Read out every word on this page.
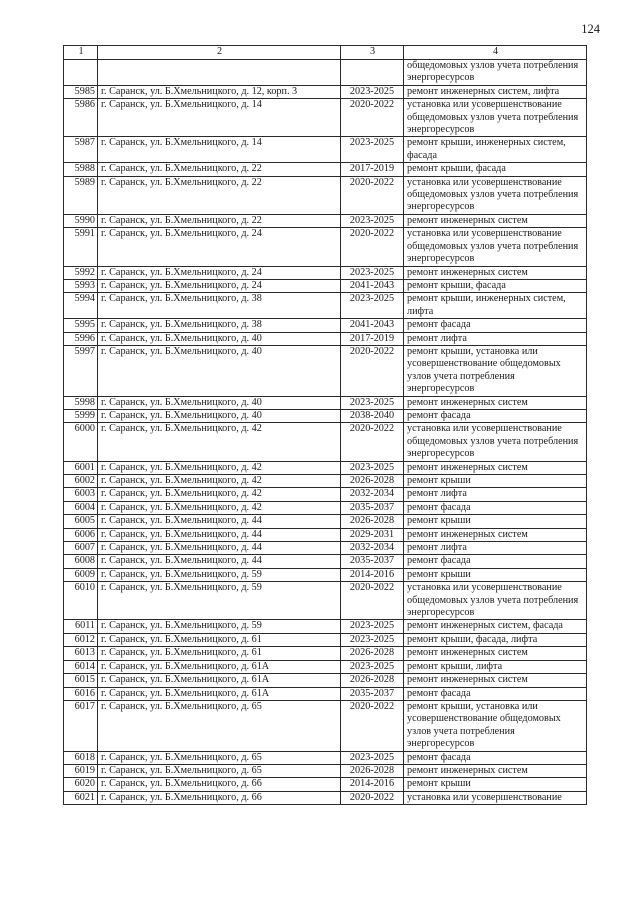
124
1	2	3	4
			общедомовых узлов учета потребления энергоресурсов
5985	г. Саранск, ул. Б.Хмельницкого, д. 12, корп. 3	2023-2025	ремонт инженерных систем, лифта
5986	г. Саранск, ул. Б.Хмельницкого, д. 14	2020-2022	установка или усовершенствование общедомовых узлов учета потребления энергоресурсов
5987	г. Саранск, ул. Б.Хмельницкого, д. 14	2023-2025	ремонт крыши, инженерных систем, фасада
5988	г. Саранск, ул. Б.Хмельницкого, д. 22	2017-2019	ремонт крыши, фасада
5989	г. Саранск, ул. Б.Хмельницкого, д. 22	2020-2022	установка или усовершенствование общедомовых узлов учета потребления энергоресурсов
5990	г. Саранск, ул. Б.Хмельницкого, д. 22	2023-2025	ремонт инженерных систем
5991	г. Саранск, ул. Б.Хмельницкого, д. 24	2020-2022	установка или усовершенствование общедомовых узлов учета потребления энергоресурсов
5992	г. Саранск, ул. Б.Хмельницкого, д. 24	2023-2025	ремонт инженерных систем
5993	г. Саранск, ул. Б.Хмельницкого, д. 24	2041-2043	ремонт крыши, фасада
5994	г. Саранск, ул. Б.Хмельницкого, д. 38	2023-2025	ремонт крыши, инженерных систем, лифта
5995	г. Саранск, ул. Б.Хмельницкого, д. 38	2041-2043	ремонт фасада
5996	г. Саранск, ул. Б.Хмельницкого, д. 40	2017-2019	ремонт лифта
5997	г. Саранск, ул. Б.Хмельницкого, д. 40	2020-2022	ремонт крыши, установка или усовершенствование общедомовых узлов учета потребления энергоресурсов
5998	г. Саранск, ул. Б.Хмельницкого, д. 40	2023-2025	ремонт инженерных систем
5999	г. Саранск, ул. Б.Хмельницкого, д. 40	2038-2040	ремонт фасада
6000	г. Саранск, ул. Б.Хмельницкого, д. 42	2020-2022	установка или усовершенствование общедомовых узлов учета потребления энергоресурсов
6001	г. Саранск, ул. Б.Хмельницкого, д. 42	2023-2025	ремонт инженерных систем
6002	г. Саранск, ул. Б.Хмельницкого, д. 42	2026-2028	ремонт крыши
6003	г. Саранск, ул. Б.Хмельницкого, д. 42	2032-2034	ремонт лифта
6004	г. Саранск, ул. Б.Хмельницкого, д. 42	2035-2037	ремонт фасада
6005	г. Саранск, ул. Б.Хмельницкого, д. 44	2026-2028	ремонт крыши
6006	г. Саранск, ул. Б.Хмельницкого, д. 44	2029-2031	ремонт инженерных систем
6007	г. Саранск, ул. Б.Хмельницкого, д. 44	2032-2034	ремонт лифта
6008	г. Саранск, ул. Б.Хмельницкого, д. 44	2035-2037	ремонт фасада
6009	г. Саранск, ул. Б.Хмельницкого, д. 59	2014-2016	ремонт крыши
6010	г. Саранск, ул. Б.Хмельницкого, д. 59	2020-2022	установка или усовершенствование общедомовых узлов учета потребления энергоресурсов
6011	г. Саранск, ул. Б.Хмельницкого, д. 59	2023-2025	ремонт инженерных систем, фасада
6012	г. Саранск, ул. Б.Хмельницкого, д. 61	2023-2025	ремонт крыши, фасада, лифта
6013	г. Саранск, ул. Б.Хмельницкого, д. 61	2026-2028	ремонт инженерных систем
6014	г. Саранск, ул. Б.Хмельницкого, д. 61А	2023-2025	ремонт крыши, лифта
6015	г. Саранск, ул. Б.Хмельницкого, д. 61А	2026-2028	ремонт инженерных систем
6016	г. Саранск, ул. Б.Хмельницкого, д. 61А	2035-2037	ремонт фасада
6017	г. Саранск, ул. Б.Хмельницкого, д. 65	2020-2022	ремонт крыши, установка или усовершенствование общедомовых узлов учета потребления энергоресурсов
6018	г. Саранск, ул. Б.Хмельницкого, д. 65	2023-2025	ремонт фасада
6019	г. Саранск, ул. Б.Хмельницкого, д. 65	2026-2028	ремонт инженерных систем
6020	г. Саранск, ул. Б.Хмельницкого, д. 66	2014-2016	ремонт крыши
6021	г. Саранск, ул. Б.Хмельницкого, д. 66	2020-2022	установка или усовершенствование
